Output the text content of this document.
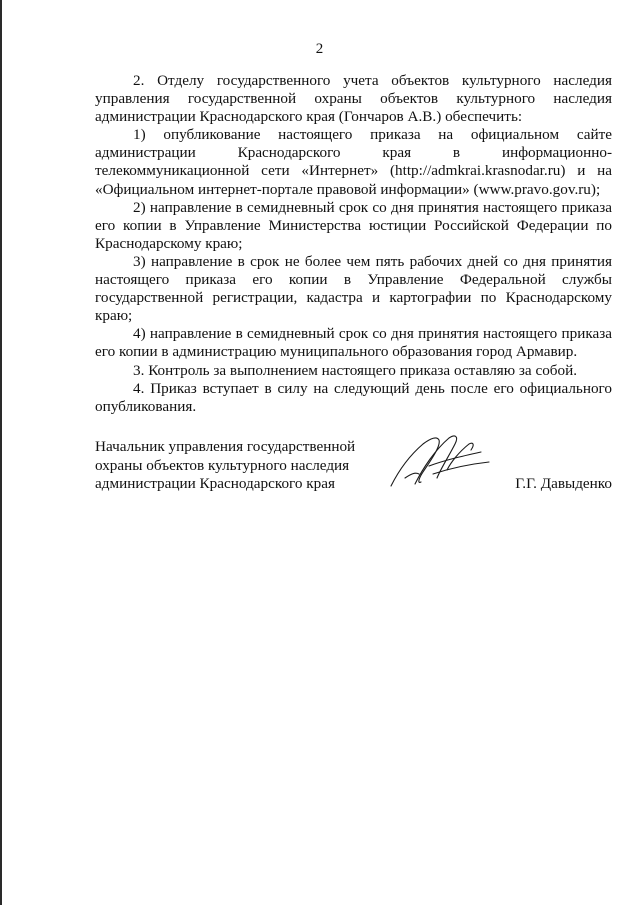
2

2. Отделу государственного учета объектов культурного наследия управления государственной охраны объектов культурного наследия администрации Краснодарского края (Гончаров А.В.) обеспечить:

1) опубликование настоящего приказа на официальном сайте администрации Краснодарского края в информационно-телекоммуникационной сети «Интернет» (http://admkrai.krasnodar.ru) и на «Официальном интернет-портале правовой информации» (www.pravo.gov.ru);

2) направление в семидневный срок со дня принятия настоящего приказа его копии в Управление Министерства юстиции Российской Федерации по Краснодарскому краю;

3) направление в срок не более чем пять рабочих дней со дня принятия настоящего приказа его копии в Управление Федеральной службы государственной регистрации, кадастра и картографии по Краснодарскому краю;

4) направление в семидневный срок со дня принятия настоящего приказа его копии в администрацию муниципального образования город Армавир.

3. Контроль за выполнением настоящего приказа оставляю за собой.

4. Приказ вступает в силу на следующий день после его официального опубликования.

Начальник управления государственной
охраны объектов культурного наследия
администрации Краснодарского края	Г.Г. Давыденко
